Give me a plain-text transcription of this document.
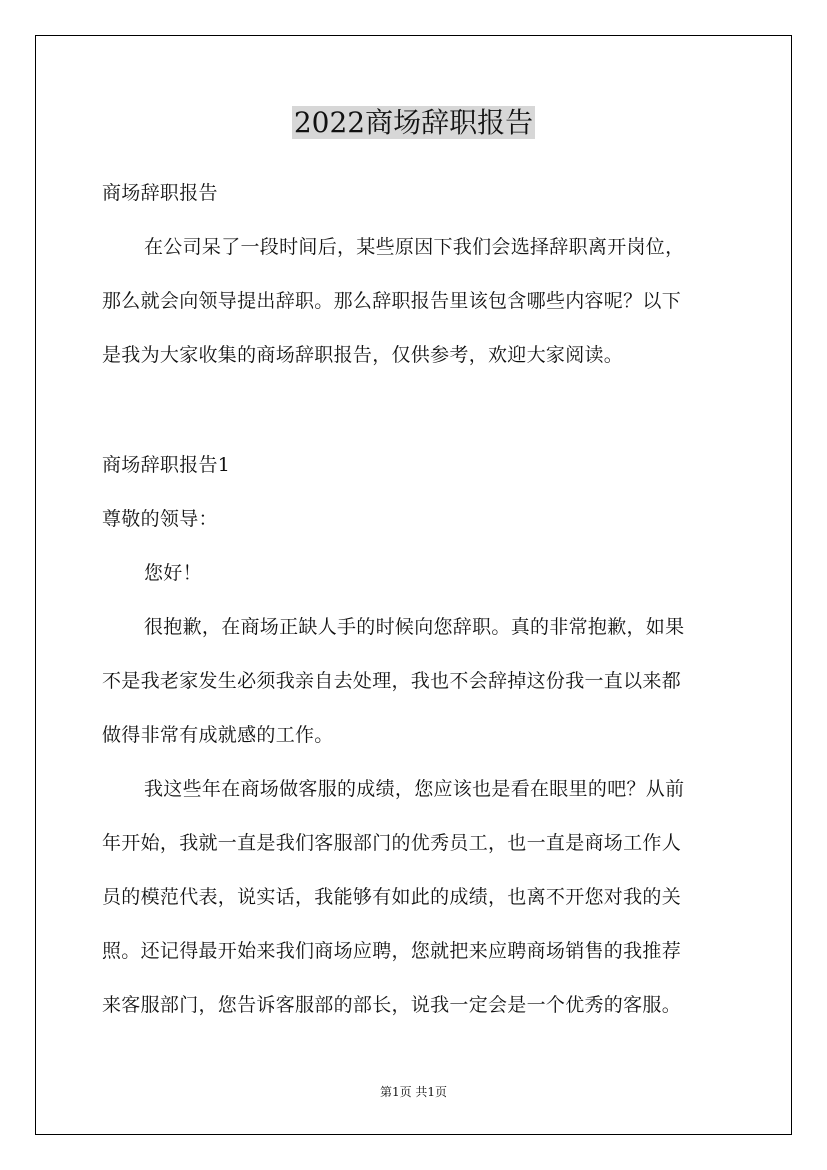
2022商场辞职报告
商场辞职报告
在公司呆了一段时间后，某些原因下我们会选择辞职离开岗位，
那么就会向领导提出辞职。那么辞职报告里该包含哪些内容呢？以下
是我为大家收集的商场辞职报告，仅供参考，欢迎大家阅读。
商场辞职报告1
尊敬的领导：
您好！
很抱歉，在商场正缺人手的时候向您辞职。真的非常抱歉，如果
不是我老家发生必须我亲自去处理，我也不会辞掉这份我一直以来都
做得非常有成就感的工作。
我这些年在商场做客服的成绩，您应该也是看在眼里的吧？从前
年开始，我就一直是我们客服部门的优秀员工，也一直是商场工作人
员的模范代表，说实话，我能够有如此的成绩，也离不开您对我的关
照。还记得最开始来我们商场应聘，您就把来应聘商场销售的我推荐
来客服部门，您告诉客服部的部长，说我一定会是一个优秀的客服。
第1页 共1页
